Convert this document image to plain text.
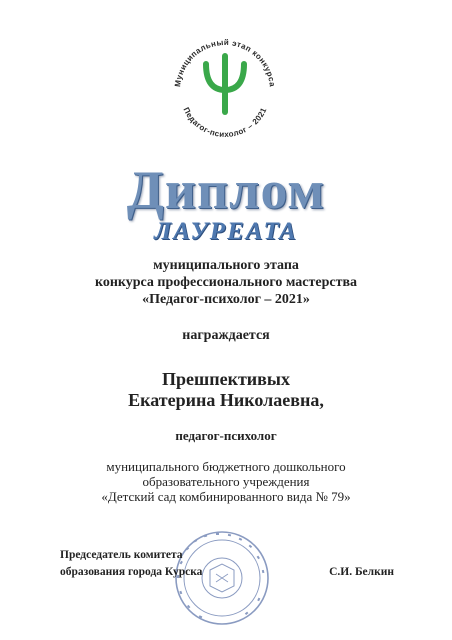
Муниципальный этап конкурса
Педагог-психолог – 2021
Диплом
ЛАУРЕАТА
муниципального этапа
конкурса профессионального мастерства
«Педагог-психолог – 2021»
награждается
Прешпективых
Екатерина Николаевна,
педагог-психолог
муниципального бюджетного дошкольного
образовательного учреждения
«Детский сад комбинированного вида № 79»
Председатель комитета
образования города Курска	С.И. Белкин
